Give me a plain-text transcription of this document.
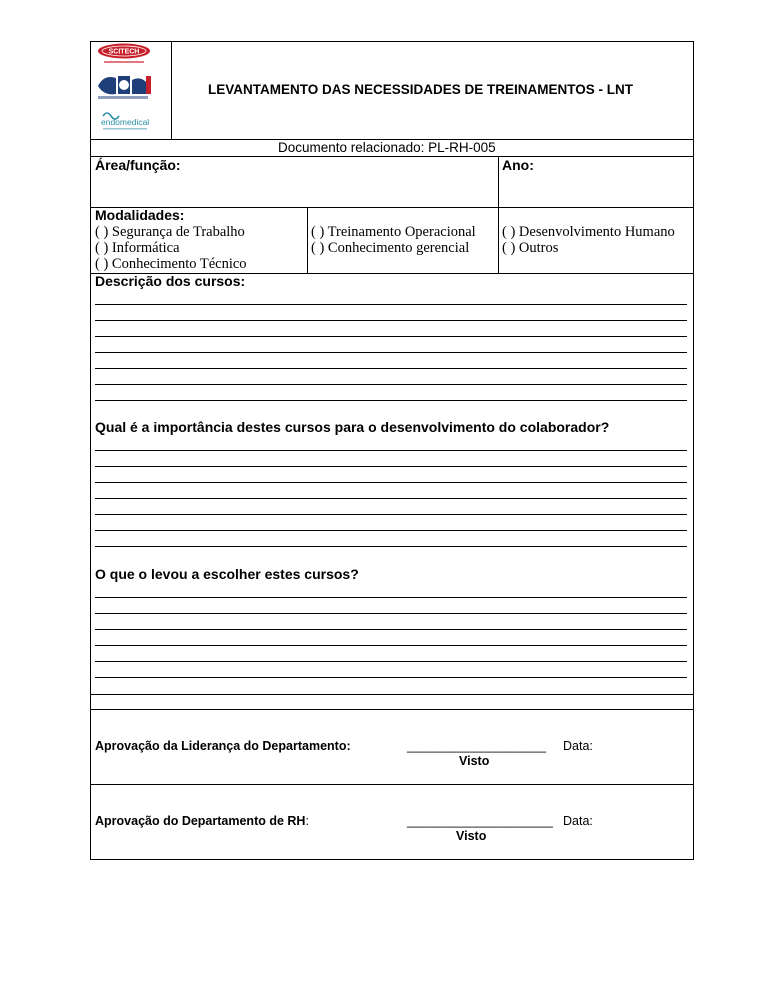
SCITECH
endomedical
LEVANTAMENTO DAS NECESSIDADES DE TREINAMENTOS - LNT
Documento relacionado: PL-RH-005
Área/função:	Ano:
Modalidades:
( ) Segurança de Trabalho
( ) Informática
( ) Conhecimento Técnico
( ) Treinamento Operacional
( ) Conhecimento gerencial
( ) Desenvolvimento Humano
( ) Outros
Descrição dos cursos:
Qual é a importância destes cursos para o desenvolvimento do colaborador?
O que o levou a escolher estes cursos?
Aprovação da Liderança do Departamento:	____________________ Data:
Visto
Aprovação do Departamento de RH:	_____________________ Data:
Visto
